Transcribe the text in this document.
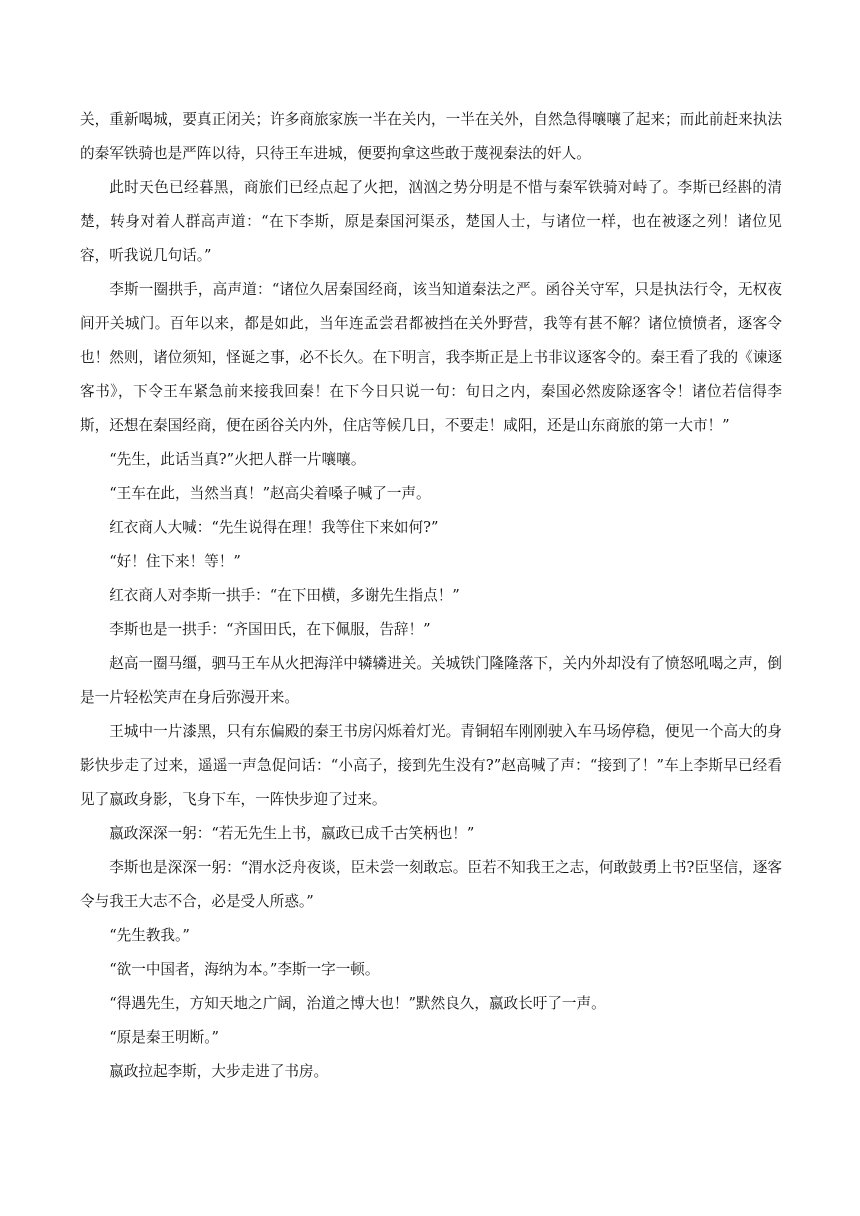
关，重新喝城，要真正闭关；许多商旅家族一半在关内，一半在关外，自然急得嚷嚷了起来；而此前赶来执法的秦军铁骑也是严阵以待，只待王车进城，便要拘拿这些敢于蔑视秦法的奸人。

此时天色已经暮黑，商旅们已经点起了火把，汹汹之势分明是不惜与秦军铁骑对峙了。李斯已经斟的清楚，转身对着人群高声道：“在下李斯，原是秦国河渠丞，楚国人士，与诸位一样，也在被逐之列！诸位见容，听我说几句话。”

李斯一圈拱手，高声道：“诸位久居秦国经商，该当知道秦法之严。函谷关守军，只是执法行令，无权夜间开关城门。百年以来，都是如此，当年连孟尝君都被挡在关外野营，我等有甚不解？诸位愤愤者，逐客令也！然则，诸位须知，怪诞之事，必不长久。在下明言，我李斯正是上书非议逐客令的。秦王看了我的《谏逐客书》，下令王车紧急前来接我回秦！在下今日只说一句：旬日之内，秦国必然废除逐客令！诸位若信得李斯，还想在秦国经商，便在函谷关内外，住店等候几日，不要走！咸阳，还是山东商旅的第一大市！”

“先生，此话当真?”火把人群一片嚷嚷。

“王车在此，当然当真！”赵高尖着嗓子喊了一声。

红衣商人大喊：“先生说得在理！我等住下来如何?”

“好！住下来！等！”

红衣商人对李斯一拱手：“在下田横，多谢先生指点！”

李斯也是一拱手：“齐国田氏，在下佩服，告辞！”

赵高一圈马缰，驷马王车从火把海洋中辚辚进关。关城铁门隆隆落下，关内外却没有了愤怒吼喝之声，倒是一片轻松笑声在身后弥漫开来。

王城中一片漆黑，只有东偏殿的秦王书房闪烁着灯光。青铜轺车刚刚驶入车马场停稳，便见一个高大的身影快步走了过来，遥遥一声急促问话：“小高子，接到先生没有?”赵高喊了声：“接到了！”车上李斯早已经看见了嬴政身影，飞身下车，一阵快步迎了过来。

嬴政深深一躬：“若无先生上书，嬴政已成千古笑柄也！”

李斯也是深深一躬：“渭水泛舟夜谈，臣未尝一刻敢忘。臣若不知我王之志，何敢鼓勇上书?臣坚信，逐客令与我王大志不合，必是受人所惑。”

“先生教我。”

“欲一中国者，海纳为本。”李斯一字一顿。

“得遇先生，方知天地之广阔，治道之博大也！”默然良久，嬴政长吁了一声。

“原是秦王明断。”

嬴政拉起李斯，大步走进了书房。
